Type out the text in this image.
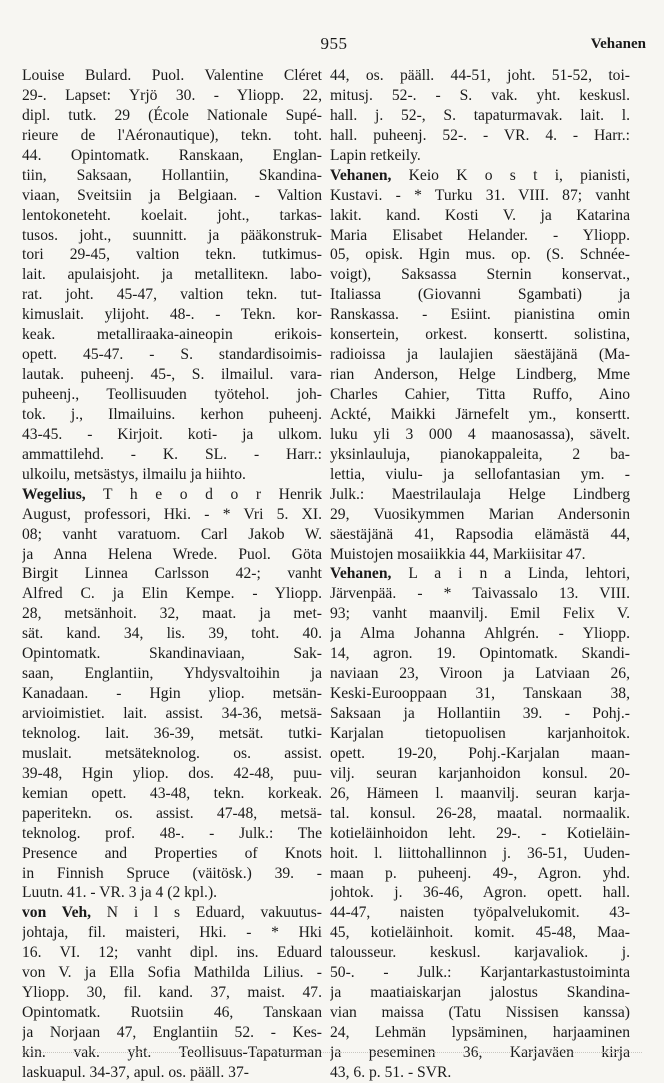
955	Vehanen
Louise Bulard. Puol. Valentine Cléret
29-. Lapset: Yrjö 30. - Yliopp. 22,
dipl. tutk. 29 (École Nationale Supé-
rieure de l'Aéronautique), tekn. toht.
44. Opintomatk. Ranskaan, Englan-
tiin, Saksaan, Hollantiin, Skandina-
viaan, Sveitsiin ja Belgiaan. - Valtion
lentokoneteht. koelait. joht., tarkas-
tusos. joht., suunnitt. ja pääkonstruk-
tori 29-45, valtion tekn. tutkimus-
lait. apulaisjoht. ja metalliteкn. labo-
rat. joht. 45-47, valtion tekn. tut-
kimuslait. ylijoht. 48-. - Tekn. kor-
keak. metalliraaka-aineopin erikois-
opett. 45-47. - S. standardisoimis-
lautak. puheenj. 45-, S. ilmailul. vara-
puheenj., Teollisuuden työtehol. joh-
tok. j., Ilmailuins. kerhon puheenj.
43-45. - Kirjoit. koti- ja ulkom.
ammattilehd. - K. SL. - Harr.:
ulkoilu, metsästys, ilmailu ja hiihto.
Wegelius, T h e o d o r Henrik
August, professori, Hki. - * Vri 5. XI.
08; vanht varatuom. Carl Jakob W.
ja Anna Helena Wrede. Puol. Göta
Birgit Linnea Carlsson 42-; vanht
Alfred C. ja Elin Kempe. - Yliopp.
28, metsänhoit. 32, maat. ja met-
sät. kand. 34, lis. 39, toht. 40.
Opintomatk. Skandinaviaan, Sak-
saan, Englantiin, Yhdysvaltoihin ja
Kanadaan. - Hgin yliop. metsän-
arvioimistiet. lait. assist. 34-36, metsä-
teknolog. lait. 36-39, metsät. tutki-
muslait. metsäteknolog. os. assist.
39-48, Hgin yliop. dos. 42-48, puu-
kemian opett. 43-48, tekn. korkeak.
paperitekn. os. assist. 47-48, metsä-
teknolog. prof. 48-. - Julk.: The
Presence and Properties of Knots
in Finnish Spruce (väitösk.) 39. -
Luutn. 41. - VR. 3 ja 4 (2 kpl.).
von Veh, N i l s Eduard, vakuutus-
johtaja, fil. maisteri, Hki. - * Hki
16. VI. 12; vanht dipl. ins. Eduard
von V. ja Ella Sofia Mathilda Lilius. -
Yliopp. 30, fil. kand. 37, maist. 47.
Opintomatk. Ruotsiin 46, Tanskaan
ja Norjaan 47, Englantiin 52. - Kes-
kin. vak. yht. Teollisuus-Tapaturman
laskuapul. 34-37, apul. os. pääll. 37-
44, os. pääll. 44-51, joht. 51-52, toi-
mitusj. 52-. - S. vak. yht. keskusl.
hall. j. 52-, S. tapaturmavak. lait. l.
hall. puheenj. 52-. - VR. 4. - Harr.:
Lapin retkeily.
Vehanen, Keio K o s t i, pianisti,
Kustavi. - * Turku 31. VIII. 87; vanht
lakit. kand. Kosti V. ja Katarina
Maria Elisabet Helander. - Yliopp.
05, opisk. Hgin mus. op. (S. Schnée-
voigt), Saksassa Sternin konservat.,
Italiassa (Giovanni Sgambati) ja
Ranskassa. - Esiint. pianistina omin
konsertein, orkest. konsertt. solistina,
radioissa ja laulajien säestäjänä (Ma-
rian Anderson, Helge Lindberg, Mme
Charles Cahier, Titta Ruffo, Aino
Ackté, Maikki Järnefelt ym., konsertt.
luku yli 3 000 4 maanosassa), sävelt.
yksinlauluja, pianokappaleita, 2 ba-
lettia, viulu- ja sellofantasian ym. -
Julk.: Maestrilaulaja Helge Lindberg
29, Vuosikymmen Marian Andersonin
säestäjänä 41, Rapsodia elämästä 44,
Muistojen mosaiikkia 44, Markiisitar 47.
Vehanen, L a i n a Linda, lehtori,
Järvenpää. - * Taivassalo 13. VIII.
93; vanht maanvilj. Emil Felix V.
ja Alma Johanna Ahlgrén. - Yliopp.
14, agron. 19. Opintomatk. Skandi-
naviaan 23, Viroon ja Latviaan 26,
Keski-Eurooppaan 31, Tanskaan 38,
Saksaan ja Hollantiin 39. - Pohj.-
Karjalan tietopuolisen karjanhoitok.
opett. 19-20, Pohj.-Karjalan maan-
vilj. seuran karjanhoidon konsul. 20-
26, Hämeen l. maanvilj. seuran karja-
tal. konsul. 26-28, maatal. normaalik.
kotieläinhoidon leht. 29-. - Kotieläin-
hoit. l. liittohallinnon j. 36-51, Uuden-
maan p. puheenj. 49-, Agron. yhd.
johtok. j. 36-46, Agron. opett. hall.
44-47, naisten työpalvelukomit. 43-
45, kotieläinhoit. komit. 45-48, Maa-
talousseur. keskusl. karjavaliok. j.
50-. - Julk.: Karjantarkastustoiminta
ja maatiaiskarjan jalostus Skandina-
vian maissa (Tatu Nissisen kanssa)
24, Lehmän lypsäminen, harjaaminen
ja peseminen 36, Karjaväen kirja
43, 6. p. 51. - SVR.
